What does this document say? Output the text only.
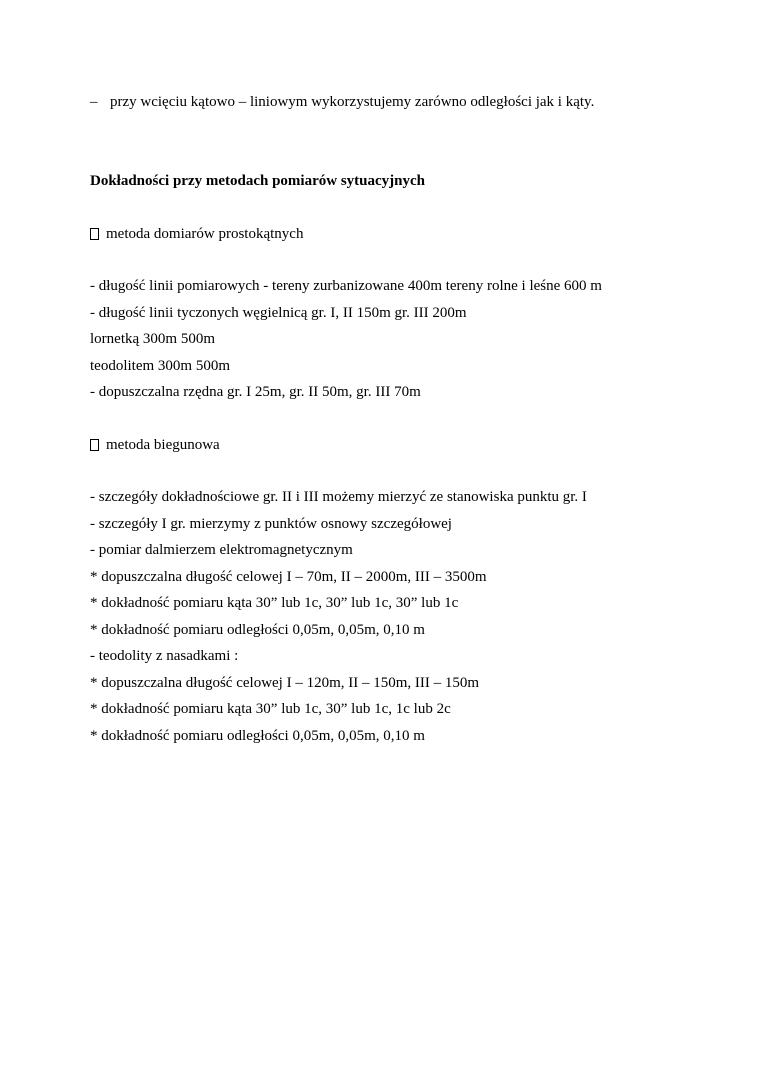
– przy wcięciu kątowo – liniowym wykorzystujemy zarówno odległości jak i kąty.
Dokładności przy metodach pomiarów sytuacyjnych
metoda domiarów prostokątnych
- długość linii pomiarowych - tereny zurbanizowane 400m tereny rolne i leśne 600 m
- długość linii tyczonych węgielnicą gr. I, II 150m gr. III 200m
lornetką 300m 500m
teodolitem 300m 500m
- dopuszczalna rzędna gr. I 25m, gr. II 50m, gr. III 70m
metoda biegunowa
- szczegóły dokładnościowe gr. II i III możemy mierzyć ze stanowiska punktu gr. I
- szczegóły I gr. mierzymy z punktów osnowy szczegółowej
- pomiar dalmierzem elektromagnetycznym
* dopuszczalna długość celowej I – 70m, II – 2000m, III – 3500m
* dokładność pomiaru kąta 30” lub 1c, 30” lub 1c, 30” lub 1c
* dokładność pomiaru odległości 0,05m, 0,05m, 0,10 m
- teodolity z nasadkami :
* dopuszczalna długość celowej I – 120m, II – 150m, III – 150m
* dokładność pomiaru kąta 30” lub 1c, 30” lub 1c, 1c lub 2c
* dokładność pomiaru odległości 0,05m, 0,05m, 0,10 m
